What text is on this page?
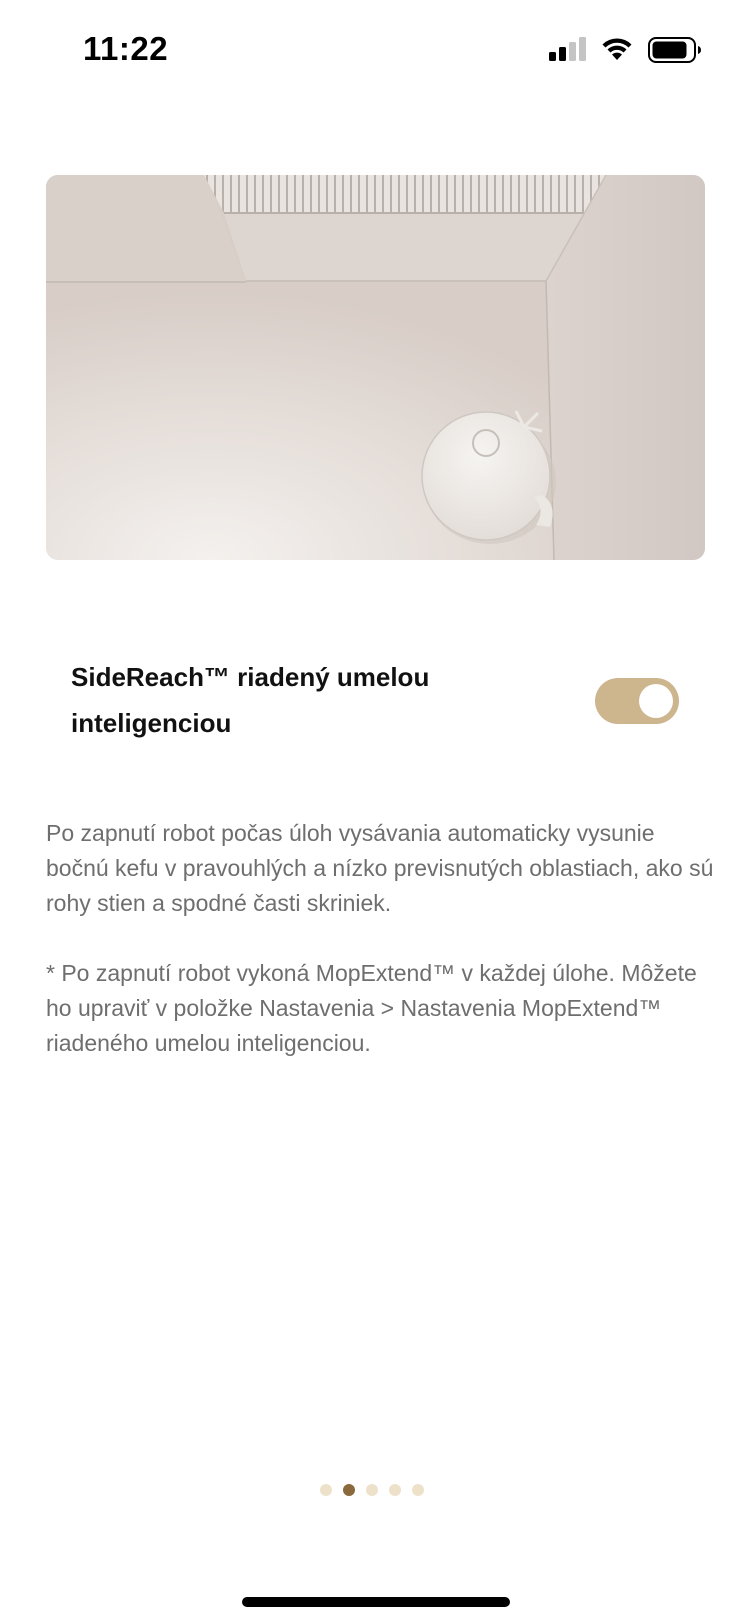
11:22
SideReach™ riadený umelou inteligenciou

Po zapnutí robot počas úloh vysávania automaticky vysunie bočnú kefu v pravouhlých a nízko previsnutých oblastiach, ako sú rohy stien a spodné časti skriniek.

* Po zapnutí robot vykoná MopExtend™ v každej úlohe. Môžete ho upraviť v položke Nastavenia > Nastavenia MopExtend™ riadeného umelou inteligenciou.
